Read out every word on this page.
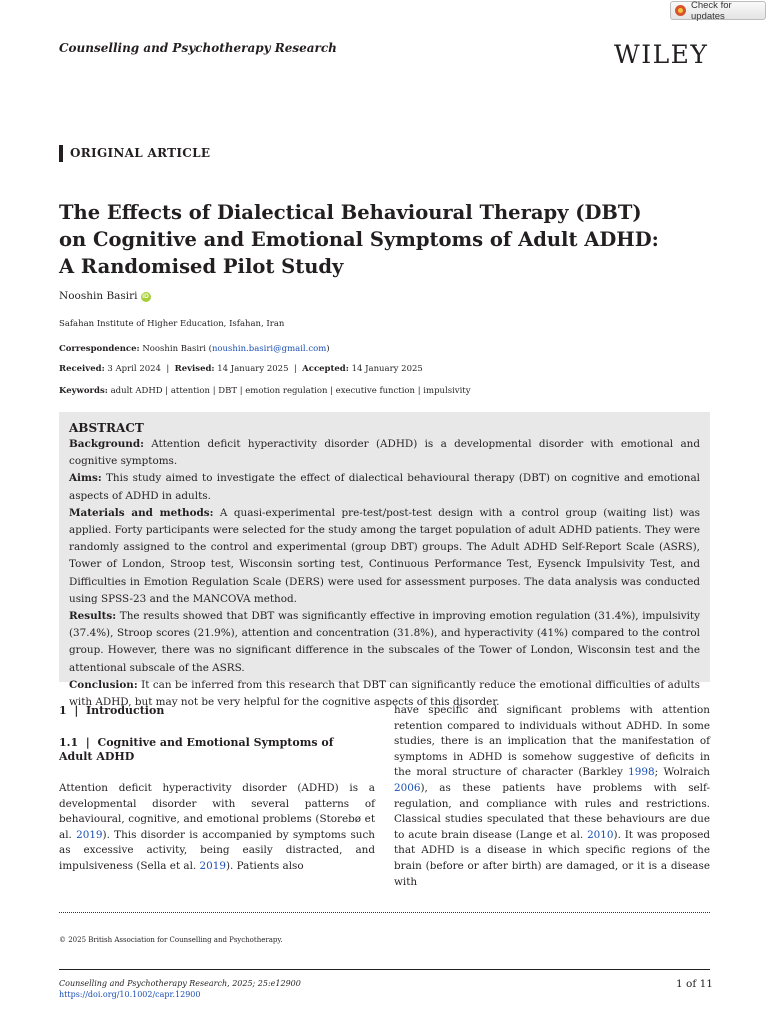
Check for updates
Counselling and Psychotherapy Research	WILEY
ORIGINAL ARTICLE
The Effects of Dialectical Behavioural Therapy (DBT)
on Cognitive and Emotional Symptoms of Adult ADHD:
A Randomised Pilot Study
Nooshin Basiri iD
Safahan Institute of Higher Education, Isfahan, Iran
Correspondence: Nooshin Basiri (noushin.basiri@gmail.com)
Received: 3 April 2024 | Revised: 14 January 2025 | Accepted: 14 January 2025
Keywords: adult ADHD | attention | DBT | emotion regulation | executive function | impulsivity
ABSTRACT

Background: Attention deficit hyperactivity disorder (ADHD) is a developmental disorder with emotional and cognitive symptoms.

Aims: This study aimed to investigate the effect of dialectical behavioural therapy (DBT) on cognitive and emotional aspects of ADHD in adults.

Materials and methods: A quasi-experimental pre-test/post-test design with a control group (waiting list) was applied. Forty participants were selected for the study among the target population of adult ADHD patients. They were randomly assigned to the control and experimental (group DBT) groups. The Adult ADHD Self-Report Scale (ASRS), Tower of London, Stroop test, Wisconsin sorting test, Continuous Performance Test, Eysenck Impulsivity Test, and Difficulties in Emotion Regulation Scale (DERS) were used for assessment purposes. The data analysis was conducted using SPSS-23 and the MANCOVA method.

Results: The results showed that DBT was significantly effective in improving emotion regulation (31.4%), impulsivity (37.4%), Stroop scores (21.9%), attention and concentration (31.8%), and hyperactivity (41%) compared to the control group. However, there was no significant difference in the subscales of the Tower of London, Wisconsin test and the attentional subscale of the ASRS.

Conclusion: It can be inferred from this research that DBT can significantly reduce the emotional difficulties of adults with ADHD, but may not be very helpful for the cognitive aspects of this disorder.

1  |  Introduction
1.1  |  Cognitive and Emotional Symptoms of Adult ADHD
Attention deficit hyperactivity disorder (ADHD) is a developmental disorder with several patterns of behavioural, cognitive, and emotional problems (Storebø et al. 2019). This disorder is accompanied by symptoms such as excessive activity, being easily distracted, and impulsiveness (Sella et al. 2019). Patients also
have specific and significant problems with attention retention compared to individuals without ADHD. In some studies, there is an implication that the manifestation of symptoms in ADHD is somehow suggestive of deficits in the moral structure of character (Barkley 1998; Wolraich 2006), as these patients have problems with self-regulation, and compliance with rules and restrictions. Classical studies speculated that these behaviours are due to acute brain disease (Lange et al. 2010). It was proposed that ADHD is a disease in which specific regions of the brain (before or after birth) are damaged, or it is a disease with
© 2025 British Association for Counselling and Psychotherapy.
Counselling and Psychotherapy Research, 2025; 25:e12900
https://doi.org/10.1002/capr.12900
1 of 11
